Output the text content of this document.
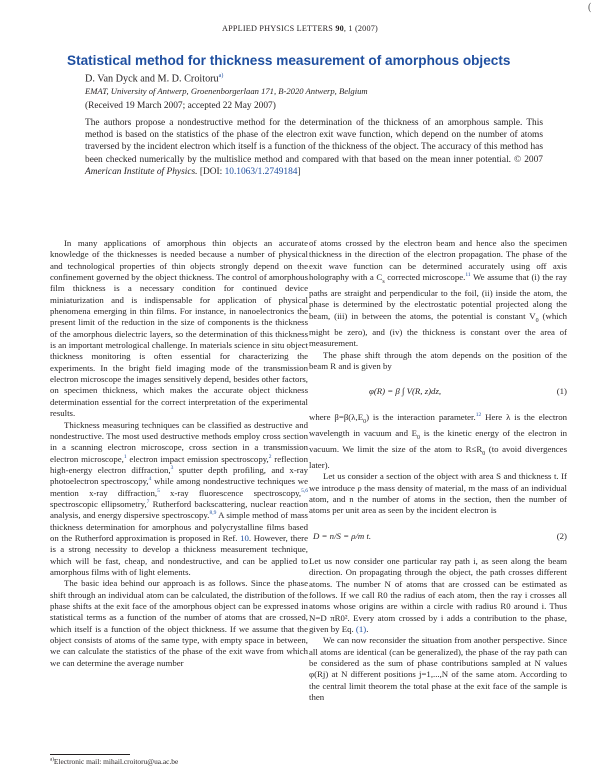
(
APPLIED PHYSICS LETTERS 90, 1 (2007)
Statistical method for thickness measurement of amorphous objects
D. Van Dyck and M. D. Croitoru$^{a)}$
EMAT, University of Antwerp, Groenenborgerlaan 171, B-2020 Antwerp, Belgium
(Received 19 March 2007; accepted 22 May 2007)
The authors propose a nondestructive method for the determination of the thickness of an amorphous sample. This method is based on the statistics of the phase of the electron exit wave function, which depend on the number of atoms traversed by the incident electron which itself is a function of the thickness of the object. The accuracy of this method has been checked numerically by the multislice method and compared with that based on the mean inner potential. © 2007 American Institute of Physics. [DOI: 10.1063/1.2749184]

In many applications of amorphous thin objects an accurate knowledge of the thicknesses is needed because a number of physical and technological properties of thin objects strongly depend on the confinement governed by the object thickness. The control of amorphous film thickness is a necessary condition for continued device miniaturization and is indispensable for application of physical phenomena emerging in thin films. For instance, in nanoelectronics the present limit of the reduction in the size of components is the thickness of the amorphous dielectric layers, so the determination of this thickness is an important metrological challenge. In materials science in situ object thickness monitoring is often essential for characterizing the experiments. In the bright field imaging mode of the transmission electron microscope the images sensitively depend, besides other factors, on specimen thickness, which makes the accurate object thickness determination essential for the correct interpretation of the experimental results.

Thickness measuring techniques can be classified as destructive and nondestructive. The most used destructive methods employ cross section in a scanning electron microscope, cross section in a transmission electron microscope,$^1$ electron impact emission spectroscopy,$^2$ reflection high-energy electron diffraction,$^3$ sputter depth profiling, and x-ray photoelectron spectroscopy,$^4$ while among nondestructive techniques we mention x-ray diffraction,$^5$ x-ray fluorescence spectroscopy,$^{5,6}$ spectroscopic ellipsometry,$^7$ Rutherford backscattering, nuclear reaction analysis, and energy dispersive spectroscopy.$^{8,9}$ A simple method of mass thickness determination for amorphous and polycrystalline films based on the Rutherford approximation is proposed in Ref. 10. However, there is a strong necessity to develop a thickness measurement technique, which will be fast, cheap, and nondestructive, and can be applied to amorphous films with of light elements.

The basic idea behind our approach is as follows. Since the phase shift through an individual atom can be calculated, the distribution of the phase shifts at the exit face of the amorphous object can be expressed in statistical terms as a function of the number of atoms that are crossed, which itself is a function of the object thickness. If we assume that the object consists of atoms of the same type, with empty space in between, we can calculate the statistics of the phase of the exit wave from which we can determine the average number

of atoms crossed by the electron beam and hence also the specimen thickness in the direction of the electron propagation. The phase of the exit wave function can be determined accurately using off axis holography with a $C_s$ corrected microscope.$^{11}$ We assume that (i) the ray paths are straight and perpendicular to the foil, (ii) inside the atom, the phase is determined by the electrostatic potential projected along the beam, (iii) in between the atoms, the potential is constant $V_0$ (which might be zero), and (iv) the thickness is constant over the area of measurement.

The phase shift through the atom depends on the position of the beam R and is given by

φ(R) = β ∫ V(R, z)dz,	(1)

where $\beta=\beta(\lambda,E_0)$ is the interaction parameter.$^{12}$ Here λ is the electron wavelength in vacuum and $E_0$ is the kinetic energy of the electron in vacuum. We limit the size of the atom to $R\le R_0$ (to avoid divergences later).

Let us consider a section of the object with area S and thickness t. If we introduce ρ the mass density of material, m the mass of an individual atom, and n the number of atoms in the section, then the number of atoms per unit area as seen by the incident electron is

D = n/S = ρ/m t.	(2)

Let us now consider one particular ray path i, as seen along the beam direction. On propagating through the object, the path crosses different atoms. The number N of atoms that are crossed can be estimated as follows. If we call R0 the radius of each atom, then the ray i crosses all atoms whose origins are within a circle with radius R0 around i. Thus N=D πR0². Every atom crossed by i adds a contribution to the phase, given by Eq. (1).

We can now reconsider the situation from another perspective. Since all atoms are identical (can be generalized), the phase of the ray path can be considered as the sum of phase contributions sampled at N values φ(Rj) at N different positions j=1,...,N of the same atom. According to the central limit theorem the total phase at the exit face of the sample is then

$^{a)}$Electronic mail: mihail.croitoru@ua.ac.be
